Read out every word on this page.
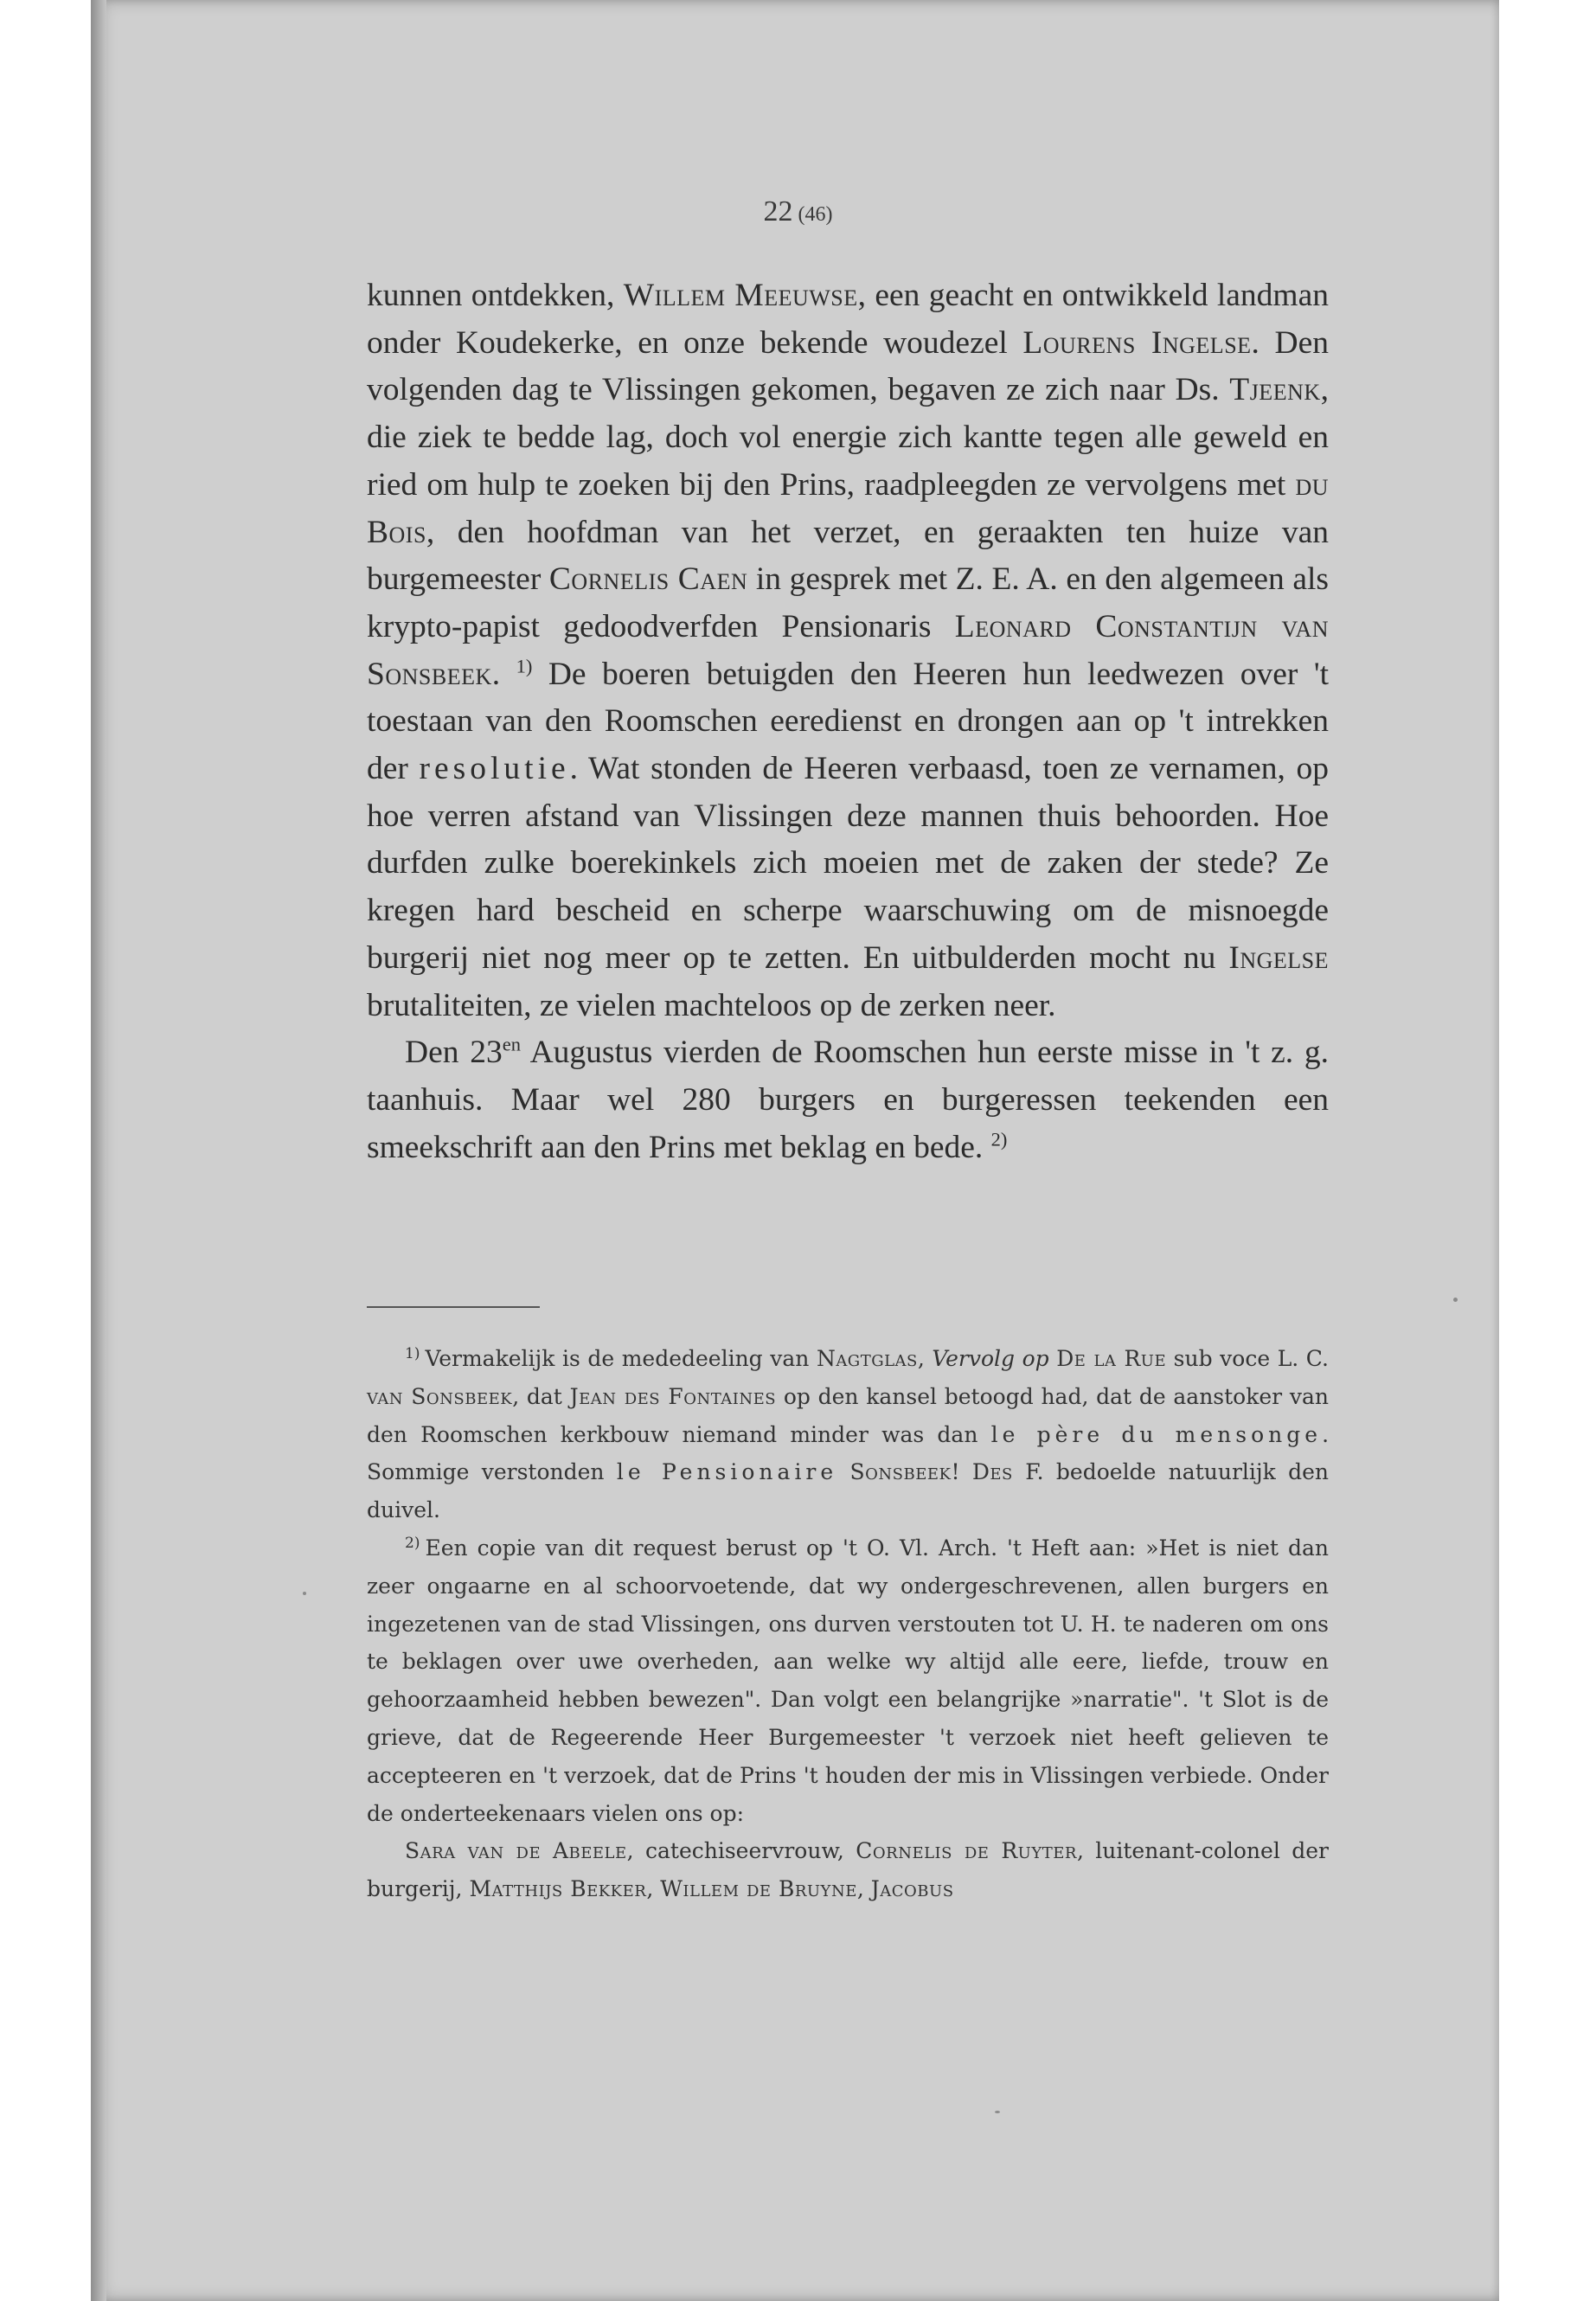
22 (46)

kunnen ontdekken, Willem Meeuwse, een geacht en ontwikkeld landman onder Koudekerke, en onze bekende woudezel Lourens Ingelse. Den volgenden dag te Vlissingen gekomen, begaven ze zich naar Ds. Tjeenk, die ziek te bedde lag, doch vol energie zich kantte tegen alle geweld en ried om hulp te zoeken bij den Prins, raadpleegden ze vervolgens met du Bois, den hoofdman van het verzet, en geraakten ten huize van burgemeester Cornelis Caen in gesprek met Z. E. A. en den algemeen als krypto-papist gedoodverfden Pensionaris Leonard Constantijn van Sonsbeek. $^{1)}$ De boeren betuigden den Heeren hun leedwezen over 't toestaan van den Roomschen eeredienst en drongen aan op 't intrekken der resolutie. Wat stonden de Heeren verbaasd, toen ze vernamen, op hoe verren afstand van Vlissingen deze mannen thuis behoorden. Hoe durfden zulke boerekinkels zich moeien met de zaken der stede? Ze kregen hard bescheid en scherpe waarschuwing om de misnoegde burgerij niet nog meer op te zetten. En uitbulderden mocht nu Ingelse brutaliteiten, ze vielen machteloos op de zerken neer.

Den $23^{en}$ Augustus vierden de Roomschen hun eerste misse in 't z. g. taanhuis. Maar wel 280 burgers en burgeressen teekenden een smeekschrift aan den Prins met beklag en bede. $^{2)}$

$^{1)}$ Vermakelijk is de mededeeling van Nagtglas, Vervolg op De la Rue sub voce L. C. van Sonsbeek, dat Jean des Fontaines op den kansel betoogd had, dat de aanstoker van den Roomschen kerkbouw niemand minder was dan le père du mensonge. Sommige verstonden le Pensionaire Sonsbeek! Des F. bedoelde natuurlijk den duivel.

$^{2)}$ Een copie van dit request berust op 't O. Vl. Arch. 't Heft aan: »Het is niet dan zeer ongaarne en al schoorvoetende, dat wy ondergeschrevenen, allen burgers en ingezetenen van de stad Vlissingen, ons durven verstouten tot U. H. te naderen om ons te beklagen over uwe overheden, aan welke wy altijd alle eere, liefde, trouw en gehoorzaamheid hebben bewezen". Dan volgt een belangrijke »narratie". 't Slot is de grieve, dat de Regeerende Heer Burgemeester 't verzoek niet heeft gelieven te accepteeren en 't verzoek, dat de Prins 't houden der mis in Vlissingen verbiede. Onder de onderteekenaars vielen ons op:

Sara van de Abeele, catechiseervrouw, Cornelis de Ruyter, luitenant-colonel der burgerij, Matthijs Bekker, Willem de Bruyne, Jacobus
